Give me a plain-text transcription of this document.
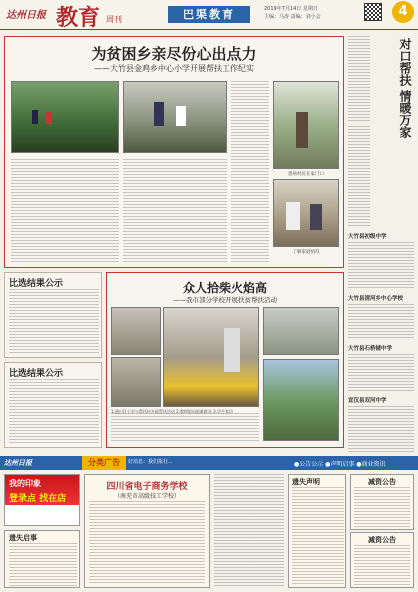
达州日报 教育 周刊	巴渠教育	2019年7月14日 星期日
主编：马涛 责编：刘小会	4
为贫困乡亲尽份心出点力
——大竹县金鸡乡中心小学开展帮扶工作纪实
患病村民在家门口
了解家庭情况
对口帮扶 情暖万家
大竹县初级中学
大竹县清河乡中心学校
大竹县石桥铺中学
宣汉县双河中学
比选结果公示
比选结果公示
众人拾柴火焰高
——我市部分学校开展扶贫帮扶活动
1.通川区小学与帮扶村开展帮扶活动 2.教师慰问困难群众 3.学生家访
达州日报	分类广告	●公告公示 ●声明启事 ●商业资讯
好消息：我们报社...
我的印象
登录点 找在店
遗失启事
四川省电子商务学校
（南充市高级技工学校）
遗失声明	减资公告
减资公告
